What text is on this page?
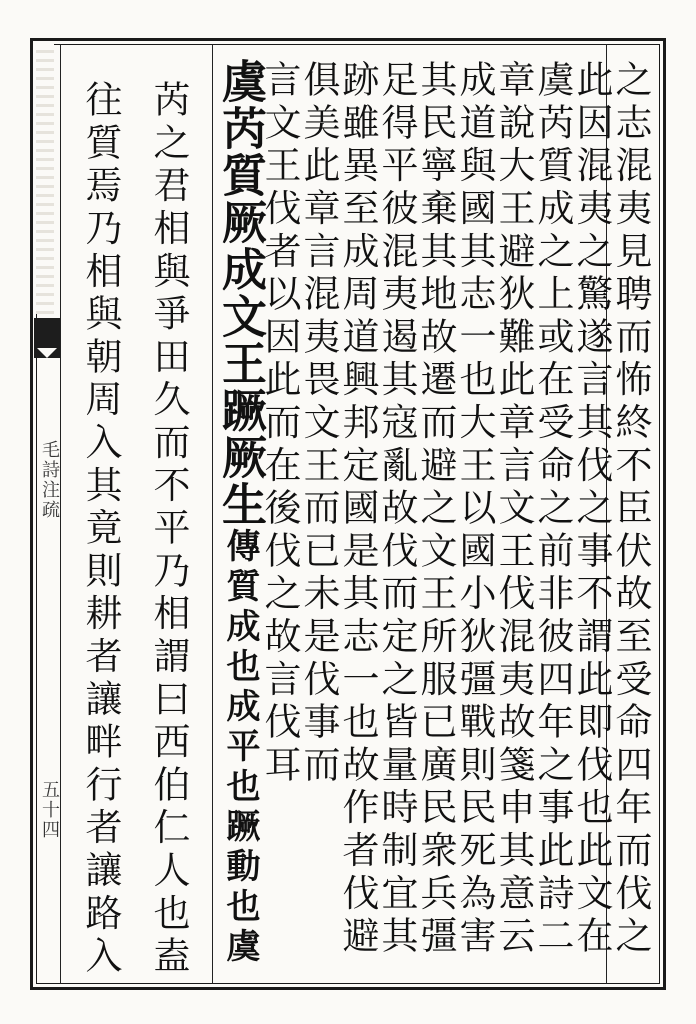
毛詩注疏
五十四	之志混夷見聘而怖終不臣伏故至受命四年而伐之
此因混夷之驚遂言其伐之事不謂此即伐也此文在
虞芮質成之上或在受命之前非彼四年之事此詩二
章說大王避狄難此章言文王伐混夷故箋申其意云
成道與國其志一也大王以國小狄彊戰則民死為害
其民寧棄其地故遷而避之文王所服已廣民衆兵彊
足得平彼混夷遏其寇亂故伐而定之皆量時制宜其
跡雖異至成周道興邦定國是其志一也故作者伐避
俱美此章言混夷畏文王而已未是伐事而
言文王伐者以因此而在後伐之故言伐耳
虞芮質厥成文王蹶厥生傳質成也成平也蹶動也虞
芮之君相與爭田久而不平乃相謂曰西伯仁人也盍
往質焉乃相與朝周入其竟則耕者讓畔行者讓路入
